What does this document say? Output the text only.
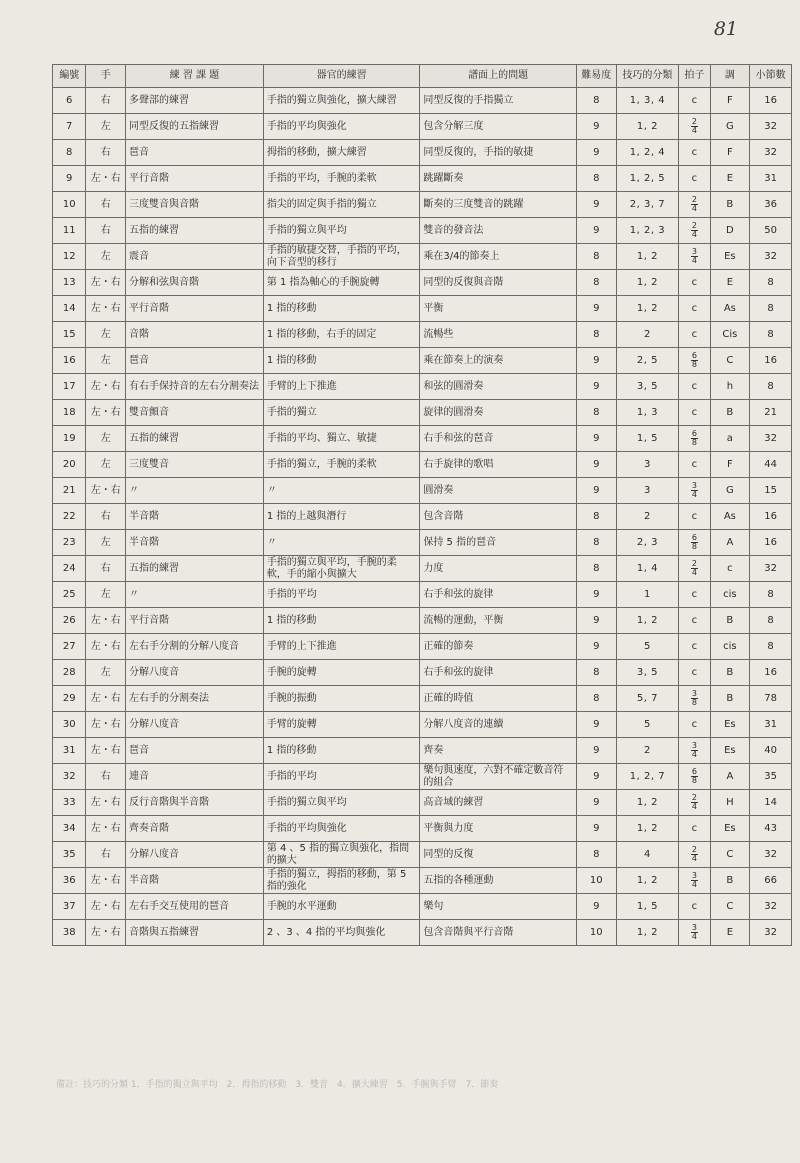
81
編號	手	練 習 課 題	器官的練習	譜面上的問題	難易度	技巧的分類	拍子	調	小節數
6	右	多聲部的練習	手指的獨立與強化，擴大練習	同型反復的手指獨立	8	1, 3, 4	c	F	16
7	左	同型反復的五指練習	手指的平均與強化	包含分解三度	9	1, 2	$\frac{2}{4}$	G	32
8	右	琶音	拇指的移動，擴大練習	同型反復的，手指的敏捷	9	1, 2, 4	c	F	32
9	左・右	平行音階	手指的平均，手腕的柔軟	跳躍斷奏	8	1, 2, 5	c	E	31
10	右	三度雙音與音階	指尖的固定與手指的獨立	斷奏的三度雙音的跳躍	9	2, 3, 7	$\frac{2}{4}$	B	36
11	右	五指的練習	手指的獨立與平均	雙音的發音法	9	1, 2, 3	$\frac{2}{4}$	D	50
12	左	震音	手指的敏捷交替，手指的平均，向下音型的移行	乘在3/4的節奏上	8	1, 2	$\frac{3}{4}$	Es	32
13	左・右	分解和弦與音階	第 1 指為軸心的手腕旋轉	同型的反復與音階	8	1, 2	c	E	8
14	左・右	平行音階	1 指的移動	平衡	9	1, 2	c	As	8
15	左	音階	1 指的移動，右手的固定	流暢些	8	2	c	Cis	8
16	左	琶音	1 指的移動	乘在節奏上的演奏	9	2, 5	$\frac{6}{8}$	C	16
17	左・右	有右手保持音的左右分割奏法	手臂的上下推進	和弦的圓滑奏	9	3, 5	c	h	8
18	左・右	雙音顫音	手指的獨立	旋律的圓滑奏	8	1, 3	c	B	21
19	左	五指的練習	手指的平均、獨立、敏捷	右手和弦的琶音	9	1, 5	$\frac{6}{8}$	a	32
20	左	三度雙音	手指的獨立，手腕的柔軟	右手旋律的歌唱	9	3	c	F	44
21	左・右	〃	〃	圓滑奏	9	3	$\frac{3}{4}$	G	15
22	右	半音階	1 指的上越與潛行	包含音階	8	2	c	As	16
23	左	半音階	〃	保持 5 指的琶音	8	2, 3	$\frac{6}{8}$	A	16
24	右	五指的練習	手指的獨立與平均，手腕的柔軟，手的縮小與擴大	力度	8	1, 4	$\frac{2}{4}$	c	32
25	左	〃	手指的平均	右手和弦的旋律	9	1	c	cis	8
26	左・右	平行音階	1 指的移動	流暢的運動，平衡	9	1, 2	c	B	8
27	左・右	左右手分割的分解八度音	手臂的上下推進	正確的節奏	9	5	c	cis	8
28	左	分解八度音	手腕的旋轉	右手和弦的旋律	8	3, 5	c	B	16
29	左・右	左右手的分割奏法	手腕的振動	正確的時值	8	5, 7	$\frac{3}{8}$	B	78
30	左・右	分解八度音	手臂的旋轉	分解八度音的連續	9	5	c	Es	31
31	左・右	琶音	1 指的移動	齊奏	9	2	$\frac{3}{4}$	Es	40
32	右	連音	手指的平均	樂句與速度，六對不確定數音符的組合	9	1, 2, 7	$\frac{6}{8}$	A	35
33	左・右	反行音階與半音階	手指的獨立與平均	高音域的練習	9	1, 2	$\frac{2}{4}$	H	14
34	左・右	齊奏音階	手指的平均與強化	平衡與力度	9	1, 2	c	Es	43
35	右	分解八度音	第 4 、5 指的獨立與強化，指間的擴大	同型的反復	8	4	$\frac{2}{4}$	C	32
36	左・右	半音階	手指的獨立，拇指的移動，第 5 指的強化	五指的各種運動	10	1, 2	$\frac{3}{4}$	B	66
37	左・右	左右手交互使用的琶音	手腕的水平運動	樂句	9	1, 5	c	C	32
38	左・右	音階與五指練習	2 、3 、4 指的平均與強化	包含音階與平行音階	10	1, 2	$\frac{3}{4}$	E	32
備註：技巧的分類 1．手指的獨立與平均　2．拇指的移動　3．雙音　4．擴大練習　5．手腕與手臂　7．節奏
